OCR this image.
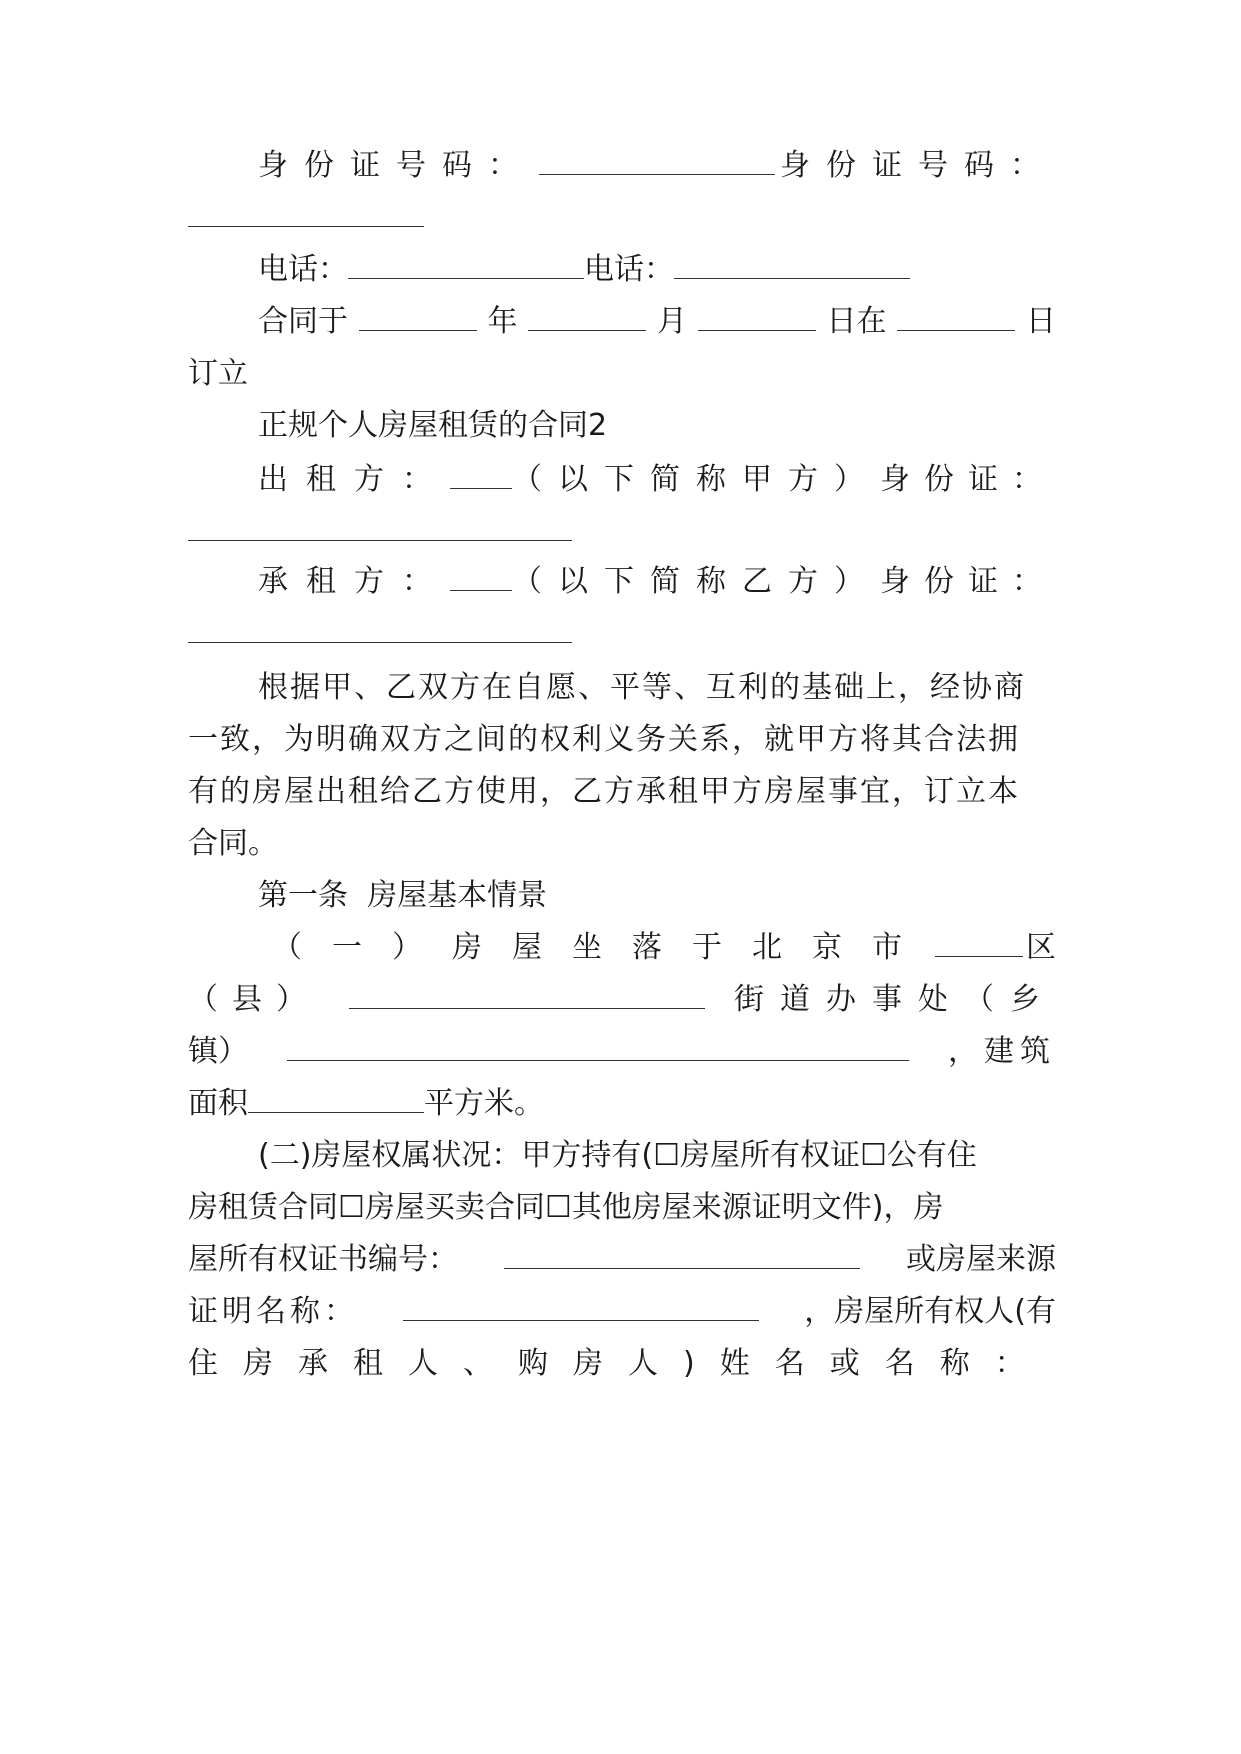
身份证号码：	身份证号码：
电话：	电话：
合同于	年	月	日在	日
订立
正规个人房屋租赁的合同2
出租方： （以下简称甲方） 身份证：
承租方： （以下简称乙方） 身份证：
根据甲、乙双方在自愿、平等、互利的基础上，经协商
一致，为明确双方之间的权利义务关系，就甲方将其合法拥
有的房屋出租给乙方使用，乙方承租甲方房屋事宜，订立本
合同。
第一条  房屋基本情景
（一）房屋坐落于北京市	区
（县）	街道办事处（乡
镇）	，建筑
面积	平方米。
(二)房屋权属状况：甲方持有(☐房屋所有权证☐公有住
房租赁合同☐房屋买卖合同☐其他房屋来源证明文件)，房
屋所有权证书编号：	或房屋来源
证明名称：	，房屋所有权人(有
住房承租人、购房人)姓名或名称：
